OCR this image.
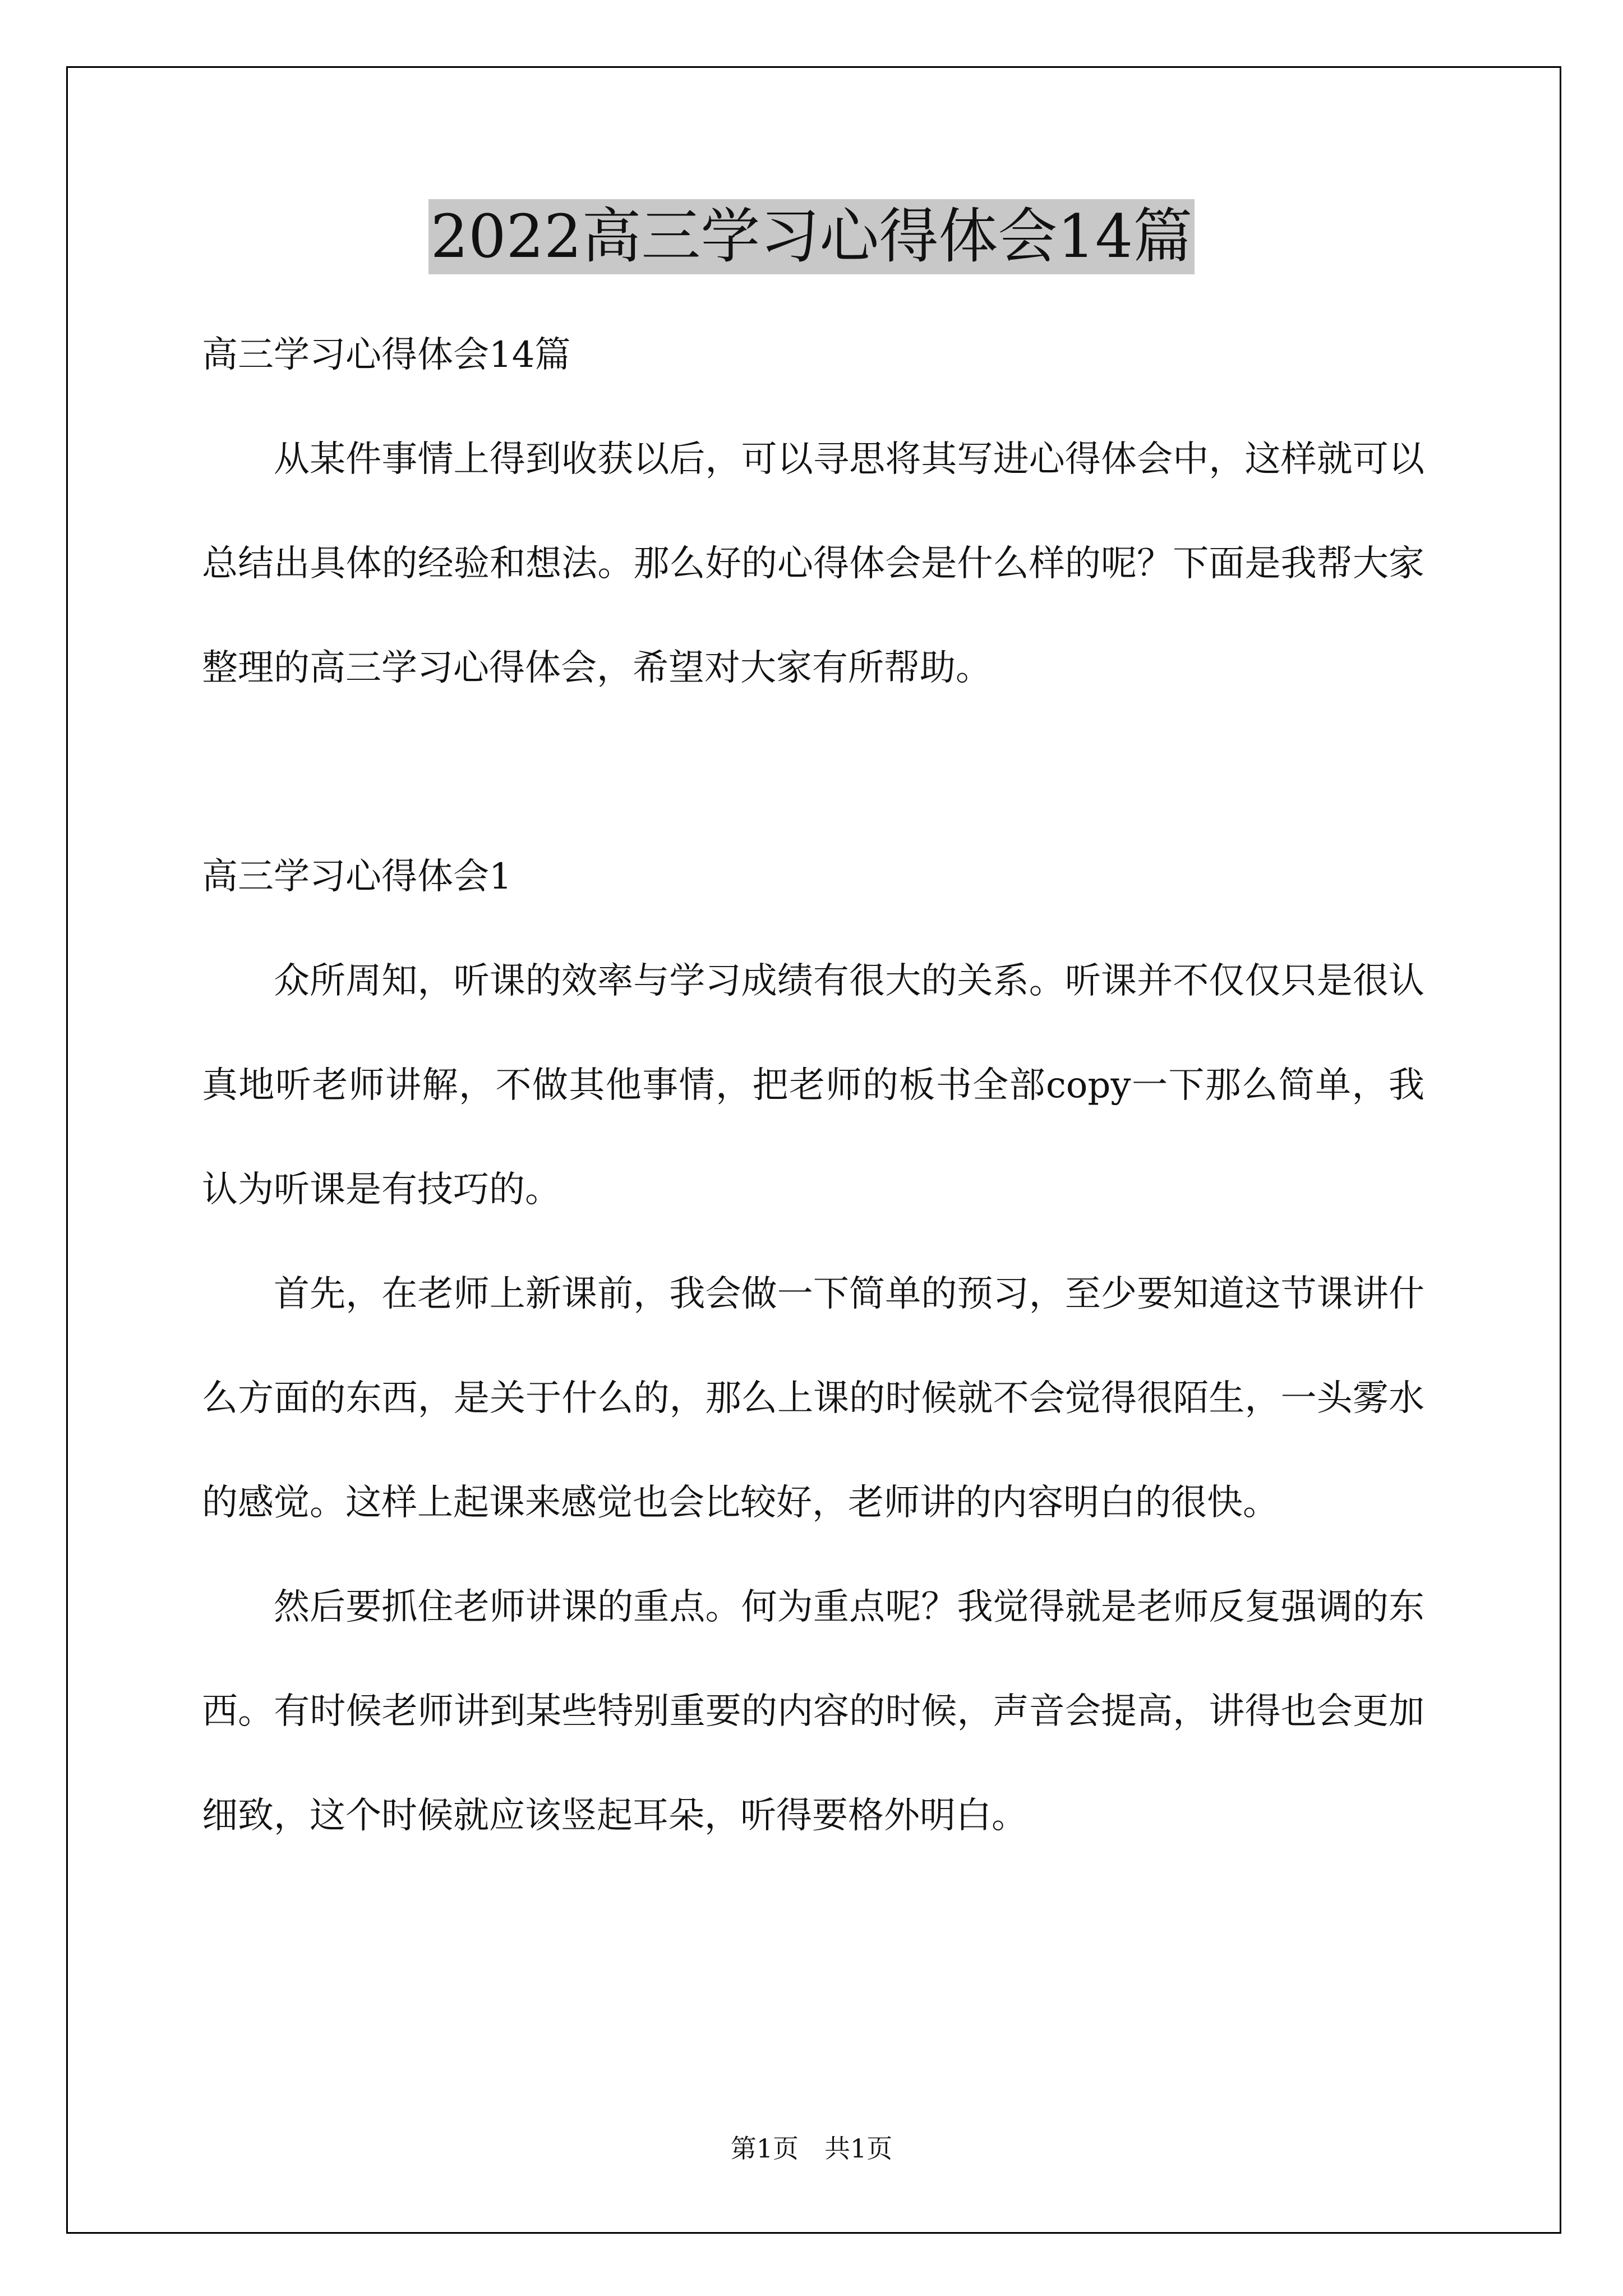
2022高三学习心得体会14篇

高三学习心得体会14篇

从某件事情上得到收获以后，可以寻思将其写进心得体会中，这样就可以总结出具体的经验和想法。那么好的心得体会是什么样的呢？下面是我帮大家整理的高三学习心得体会，希望对大家有所帮助。

高三学习心得体会1

众所周知，听课的效率与学习成绩有很大的关系。听课并不仅仅只是很认真地听老师讲解，不做其他事情，把老师的板书全部copy一下那么简单，我认为听课是有技巧的。

首先，在老师上新课前，我会做一下简单的预习，至少要知道这节课讲什么方面的东西，是关于什么的，那么上课的时候就不会觉得很陌生，一头雾水的感觉。这样上起课来感觉也会比较好，老师讲的内容明白的很快。

然后要抓住老师讲课的重点。何为重点呢？我觉得就是老师反复强调的东西。有时候老师讲到某些特别重要的内容的时候，声音会提高，讲得也会更加细致，这个时候就应该竖起耳朵，听得要格外明白。

第1页　共1页
